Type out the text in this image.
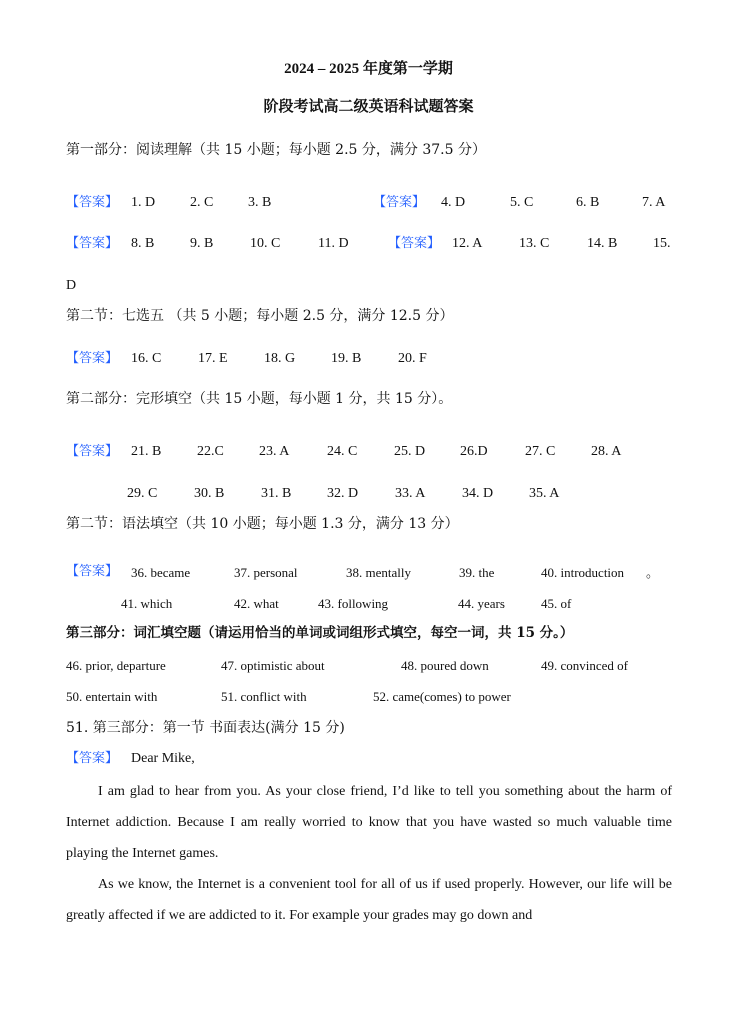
2024 – 2025 年度第一学期
阶段考试高二级英语科试题答案
第一部分：阅读理解（共 15 小题；每小题 2.5 分，满分 37.5 分）
【答案】 1. D 2. C 3. B	【答案】 4. D	5. C	6. B	7. A
【答案】 8. B	9. B	10. C	11. D	【答案】 12. A	13. C	14. B	15.
D
第二节：七选五 （共 5 小题；每小题 2.5 分，满分 12.5 分）
【答案】 16. C	17. E	18. G	19. B	20. F
第二部分：完形填空（共 15 小题，每小题 1 分，共 15 分）。
【答案】 21. B	22.C	23. A	24. C	25. D 26.D	27. C	28. A
29. C	30. B	31. B	32. D	33. A	34. D	35. A
第二节：语法填空（共 10 小题；每小题 1.3 分，满分 13 分）
【答案】 36. became	37. personal	38. mentally	39. the	40. introduction 。
41. which	42. what	43. following	44. years	45. of
第三部分：词汇填空题（请运用恰当的单词或词组形式填空，每空一词，共 15 分。）
46. prior, departure	47. optimistic about	48. poured down	49. convinced of
50. entertain with	51. conflict with	52. came(comes) to power
51. 第三部分：第一节 书面表达(满分 15 分)
【答案】 Dear Mike,
I am glad to hear from you. As your close friend, I’d like to tell you something about the harm of Internet addiction. Because I am really worried to know that you have wasted so much valuable time playing the Internet games.
As we know, the Internet is a convenient tool for all of us if used properly. However, our life will be greatly affected if we are addicted to it. For example your grades may go down and
